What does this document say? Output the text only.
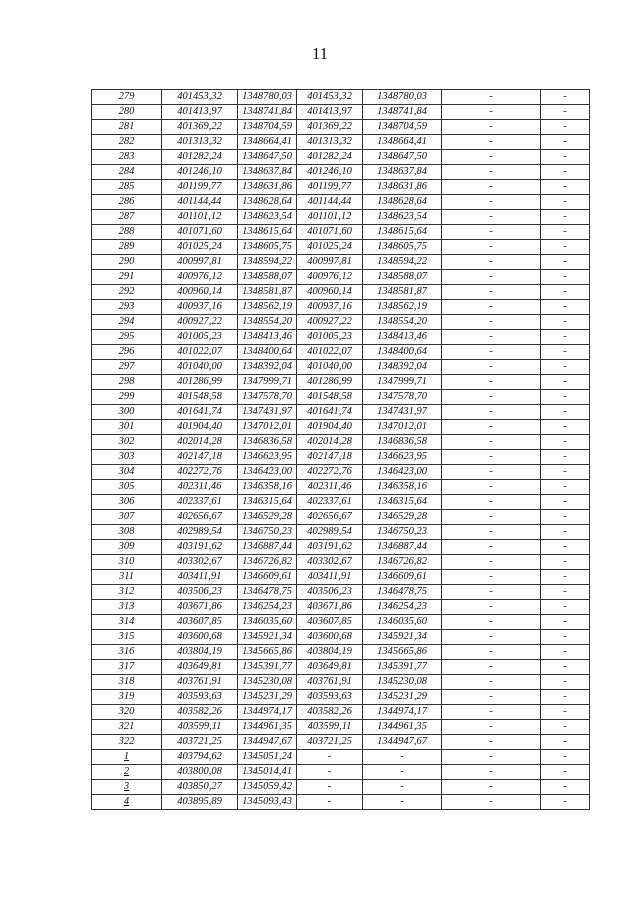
11
279	401453,32	1348780,03	401453,32	1348780,03	-	-
280	401413,97	1348741,84	401413,97	1348741,84	-	-
281	401369,22	1348704,59	401369,22	1348704,59	-	-
282	401313,32	1348664,41	401313,32	1348664,41	-	-
283	401282,24	1348647,50	401282,24	1348647,50	-	-
284	401246,10	1348637,84	401246,10	1348637,84	-	-
285	401199,77	1348631,86	401199,77	1348631,86	-	-
286	401144,44	1348628,64	401144,44	1348628,64	-	-
287	401101,12	1348623,54	401101,12	1348623,54	-	-
288	401071,60	1348615,64	401071,60	1348615,64	-	-
289	401025,24	1348605,75	401025,24	1348605,75	-	-
290	400997,81	1348594,22	400997,81	1348594,22	-	-
291	400976,12	1348588,07	400976,12	1348588,07	-	-
292	400960,14	1348581,87	400960,14	1348581,87	-	-
293	400937,16	1348562,19	400937,16	1348562,19	-	-
294	400927,22	1348554,20	400927,22	1348554,20	-	-
295	401005,23	1348413,46	401005,23	1348413,46	-	-
296	401022,07	1348400,64	401022,07	1348400,64	-	-
297	401040,00	1348392,04	401040,00	1348392,04	-	-
298	401286,99	1347999,71	401286,99	1347999,71	-	-
299	401548,58	1347578,70	401548,58	1347578,70	-	-
300	401641,74	1347431,97	401641,74	1347431,97	-	-
301	401904,40	1347012,01	401904,40	1347012,01	-	-
302	402014,28	1346836,58	402014,28	1346836,58	-	-
303	402147,18	1346623,95	402147,18	1346623,95	-	-
304	402272,76	1346423,00	402272,76	1346423,00	-	-
305	402311,46	1346358,16	402311,46	1346358,16	-	-
306	402337,61	1346315,64	402337,61	1346315,64	-	-
307	402656,67	1346529,28	402656,67	1346529,28	-	-
308	402989,54	1346750,23	402989,54	1346750,23	-	-
309	403191,62	1346887,44	403191,62	1346887,44	-	-
310	403302,67	1346726,82	403302,67	1346726,82	-	-
311	403411,91	1346609,61	403411,91	1346609,61	-	-
312	403506,23	1346478,75	403506,23	1346478,75	-	-
313	403671,86	1346254,23	403671,86	1346254,23	-	-
314	403607,85	1346035,60	403607,85	1346035,60	-	-
315	403600,68	1345921,34	403600,68	1345921,34	-	-
316	403804,19	1345665,86	403804,19	1345665,86	-	-
317	403649,81	1345391,77	403649,81	1345391,77	-	-
318	403761,91	1345230,08	403761,91	1345230,08	-	-
319	403593,63	1345231,29	403593,63	1345231,29	-	-
320	403582,26	1344974,17	403582,26	1344974,17	-	-
321	403599,11	1344961,35	403599,11	1344961,35	-	-
322	403721,25	1344947,67	403721,25	1344947,67	-	-
1	403794,62	1345051,24	-	-	-	-
2	403800,08	1345014,41	-	-	-	-
3	403850,27	1345059,42	-	-	-	-
4	403895,89	1345093,43	-	-	-	-
